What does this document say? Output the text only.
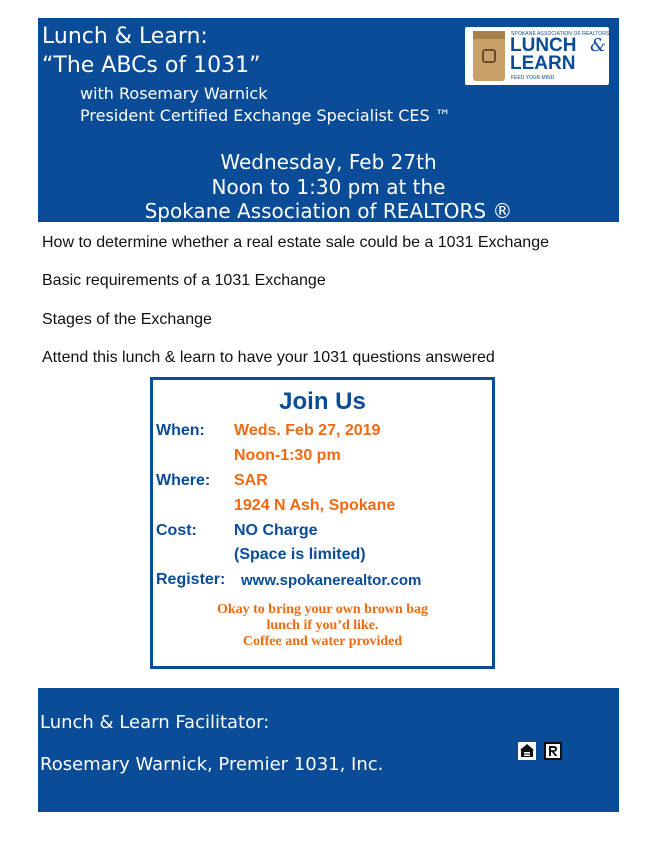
Lunch & Learn:
“The ABCs of 1031”
with Rosemary Warnick
President Certified Exchange Specialist CES ™
Wednesday, Feb 27th
Noon to 1:30 pm at the
Spokane Association of REALTORS ®
SPOKANE ASSOCIATION OF REALTORS®
LUNCH &
LEARN
FEED YOUR MIND
How to determine whether a real estate sale could be a 1031 Exchange
Basic requirements of a 1031 Exchange
Stages of the Exchange
Attend this lunch & learn to have your 1031 questions answered
Join Us
When: Weds. Feb 27, 2019
Noon-1:30 pm
Where: SAR
1924 N Ash, Spokane
Cost: NO Charge
(Space is limited)
Register: www.spokanerealtor.com
Okay to bring your own brown bag
lunch if you’d like.
Coffee and water provided
Lunch & Learn Facilitator:
Rosemary Warnick, Premier 1031, Inc.
